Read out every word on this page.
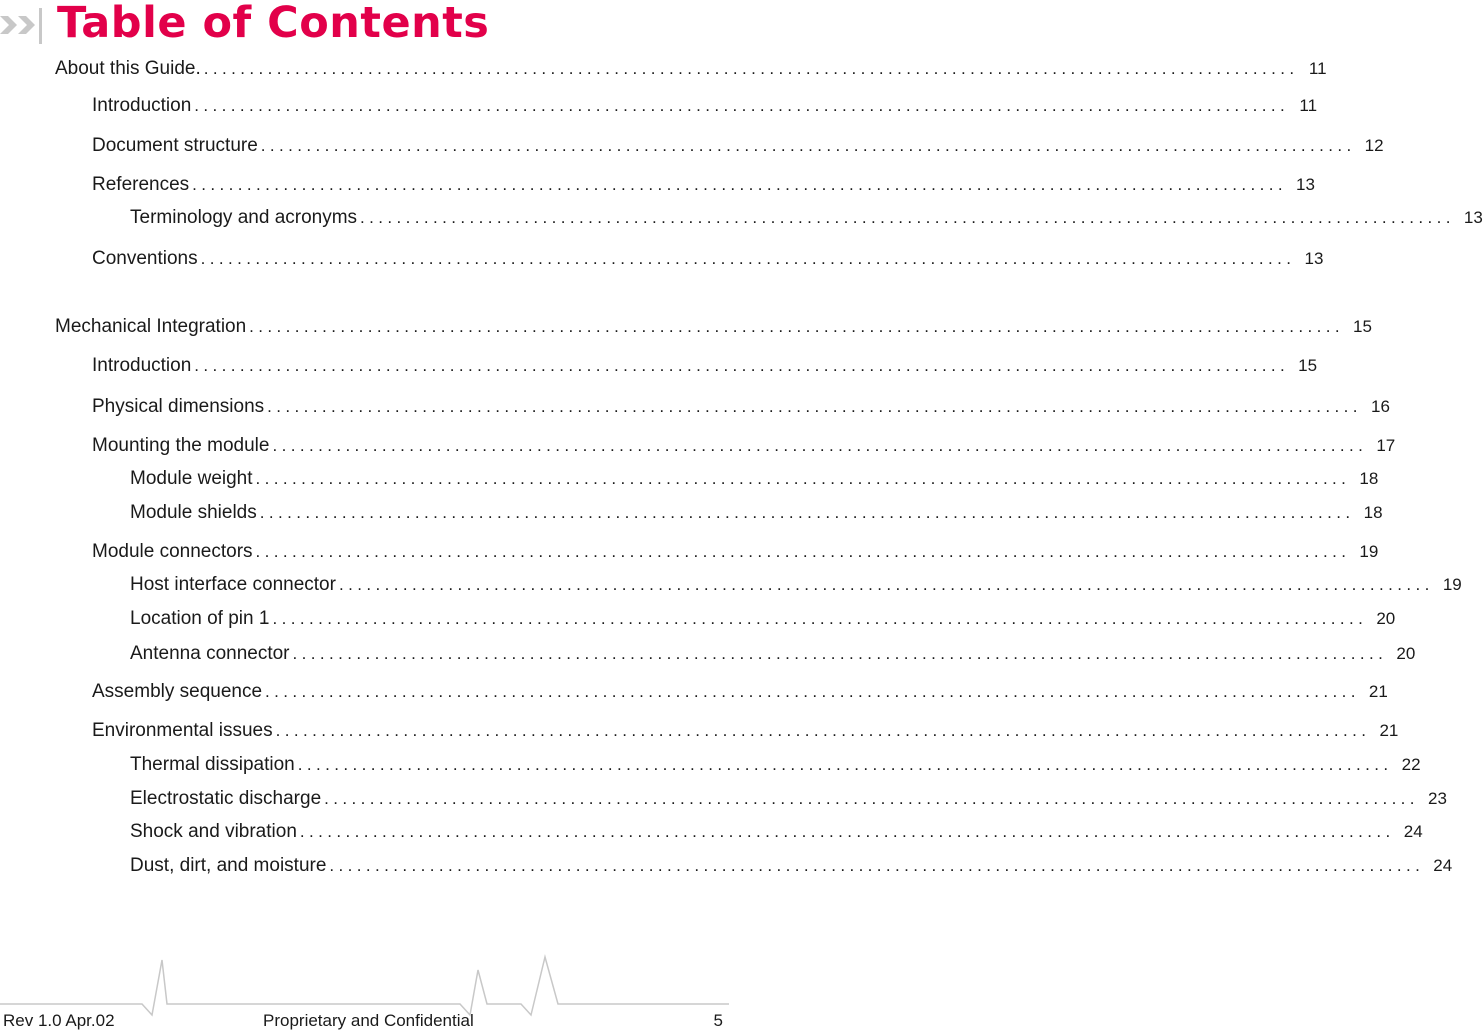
Table of Contents
About this Guide. ........................................................................................................................ 11
Introduction ........................................................................................................................ 11
Document structure ........................................................................................................................ 12
References ........................................................................................................................ 13
Terminology and acronyms ........................................................................................................................ 13
Conventions ........................................................................................................................ 13
Mechanical Integration ........................................................................................................................ 15
Introduction ........................................................................................................................ 15
Physical dimensions ........................................................................................................................ 16
Mounting the module ........................................................................................................................ 17
Module weight ........................................................................................................................ 18
Module shields ........................................................................................................................ 18
Module connectors ........................................................................................................................ 19
Host interface connector ........................................................................................................................ 19
Location of pin 1 ........................................................................................................................ 20
Antenna connector ........................................................................................................................ 20
Assembly sequence ........................................................................................................................ 21
Environmental issues ........................................................................................................................ 21
Thermal dissipation ........................................................................................................................ 22
Electrostatic discharge ........................................................................................................................ 23
Shock and vibration ........................................................................................................................ 24
Dust, dirt, and moisture ........................................................................................................................ 24
Rev 1.0 Apr.02	Proprietary and Confidential	5
